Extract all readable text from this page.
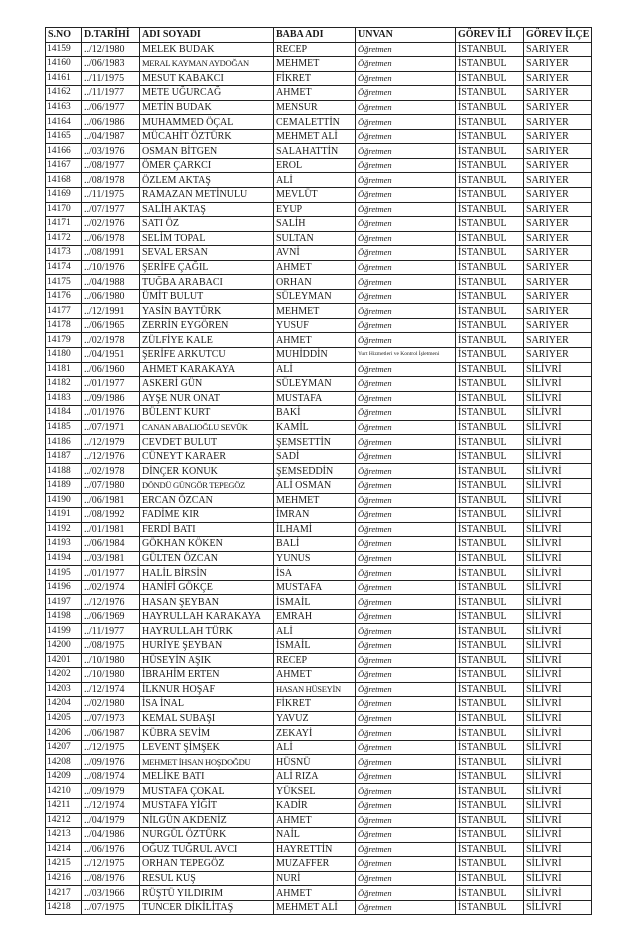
S.NO	D.TARİHİ	ADI SOYADI	BABA ADI	UNVAN	GÖREV İLİ	GÖREV İLÇE
14159	../12/1980	MELEK BUDAK	RECEP	Öğretmen	İSTANBUL	SARIYER
14160	../06/1983	MERAL KAYMAN AYDOĞAN	MEHMET	Öğretmen	İSTANBUL	SARIYER
14161	../11/1975	MESUT KABAKCI	FİKRET	Öğretmen	İSTANBUL	SARIYER
14162	../11/1977	METE UĞURCAĞ	AHMET	Öğretmen	İSTANBUL	SARIYER
14163	../06/1977	METİN BUDAK	MENSUR	Öğretmen	İSTANBUL	SARIYER
14164	../06/1986	MUHAMMED ÖÇAL	CEMALETTİN	Öğretmen	İSTANBUL	SARIYER
14165	../04/1987	MÜCAHİT ÖZTÜRK	MEHMET ALİ	Öğretmen	İSTANBUL	SARIYER
14166	../03/1976	OSMAN BİTGEN	SALAHATTİN	Öğretmen	İSTANBUL	SARIYER
14167	../08/1977	ÖMER ÇARKCI	EROL	Öğretmen	İSTANBUL	SARIYER
14168	../08/1978	ÖZLEM AKTAŞ	ALİ	Öğretmen	İSTANBUL	SARIYER
14169	../11/1975	RAMAZAN METİNULU	MEVLÜT	Öğretmen	İSTANBUL	SARIYER
14170	../07/1977	SALİH AKTAŞ	EYUP	Öğretmen	İSTANBUL	SARIYER
14171	../02/1976	SATI ÖZ	SALİH	Öğretmen	İSTANBUL	SARIYER
14172	../06/1978	SELİM TOPAL	SULTAN	Öğretmen	İSTANBUL	SARIYER
14173	../08/1991	SEVAL ERSAN	AVNİ	Öğretmen	İSTANBUL	SARIYER
14174	../10/1976	ŞERİFE ÇAĞIL	AHMET	Öğretmen	İSTANBUL	SARIYER
14175	../04/1988	TUĞBA ARABACI	ORHAN	Öğretmen	İSTANBUL	SARIYER
14176	../06/1980	ÜMİT BULUT	SÜLEYMAN	Öğretmen	İSTANBUL	SARIYER
14177	../12/1991	YASİN BAYTÜRK	MEHMET	Öğretmen	İSTANBUL	SARIYER
14178	../06/1965	ZERRİN EYGÖREN	YUSUF	Öğretmen	İSTANBUL	SARIYER
14179	../02/1978	ZÜLFİYE KALE	AHMET	Öğretmen	İSTANBUL	SARIYER
14180	../04/1951	ŞERİFE ARKUTCU	MUHİDDİN	Yurt Hizmetleri ve Kontrol İşletmeni	İSTANBUL	SARIYER
14181	../06/1960	AHMET KARAKAYA	ALİ	Öğretmen	İSTANBUL	SİLİVRİ
14182	../01/1977	ASKERİ GÜN	SÜLEYMAN	Öğretmen	İSTANBUL	SİLİVRİ
14183	../09/1986	AYŞE NUR ONAT	MUSTAFA	Öğretmen	İSTANBUL	SİLİVRİ
14184	../01/1976	BÜLENT KURT	BAKİ	Öğretmen	İSTANBUL	SİLİVRİ
14185	../07/1971	CANAN ABALIOĞLU SEVÜK	KAMİL	Öğretmen	İSTANBUL	SİLİVRİ
14186	../12/1979	CEVDET BULUT	ŞEMSETTİN	Öğretmen	İSTANBUL	SİLİVRİ
14187	../12/1976	CÜNEYT KARAER	SADİ	Öğretmen	İSTANBUL	SİLİVRİ
14188	../02/1978	DİNÇER KONUK	ŞEMSEDDİN	Öğretmen	İSTANBUL	SİLİVRİ
14189	../07/1980	DÖNDÜ GÜNGÖR TEPEGÖZ	ALİ OSMAN	Öğretmen	İSTANBUL	SİLİVRİ
14190	../06/1981	ERCAN ÖZCAN	MEHMET	Öğretmen	İSTANBUL	SİLİVRİ
14191	../08/1992	FADİME KIR	İMRAN	Öğretmen	İSTANBUL	SİLİVRİ
14192	../01/1981	FERDİ BATI	İLHAMİ	Öğretmen	İSTANBUL	SİLİVRİ
14193	../06/1984	GÖKHAN KÖKEN	BALİ	Öğretmen	İSTANBUL	SİLİVRİ
14194	../03/1981	GÜLTEN ÖZCAN	YUNUS	Öğretmen	İSTANBUL	SİLİVRİ
14195	../01/1977	HALİL BİRSİN	İSA	Öğretmen	İSTANBUL	SİLİVRİ
14196	../02/1974	HANİFİ GÖKÇE	MUSTAFA	Öğretmen	İSTANBUL	SİLİVRİ
14197	../12/1976	HASAN ŞEYBAN	İSMAİL	Öğretmen	İSTANBUL	SİLİVRİ
14198	../06/1969	HAYRULLAH KARAKAYA	EMRAH	Öğretmen	İSTANBUL	SİLİVRİ
14199	../11/1977	HAYRULLAH TÜRK	ALİ	Öğretmen	İSTANBUL	SİLİVRİ
14200	../08/1975	HURİYE ŞEYBAN	İSMAİL	Öğretmen	İSTANBUL	SİLİVRİ
14201	../10/1980	HÜSEYİN AŞIK	RECEP	Öğretmen	İSTANBUL	SİLİVRİ
14202	../10/1980	İBRAHİM ERTEN	AHMET	Öğretmen	İSTANBUL	SİLİVRİ
14203	../12/1974	İLKNUR HOŞAF	HASAN HÜSEYİN	Öğretmen	İSTANBUL	SİLİVRİ
14204	../02/1980	İSA İNAL	FİKRET	Öğretmen	İSTANBUL	SİLİVRİ
14205	../07/1973	KEMAL SUBAŞI	YAVUZ	Öğretmen	İSTANBUL	SİLİVRİ
14206	../06/1987	KÜBRA SEVİM	ZEKAYİ	Öğretmen	İSTANBUL	SİLİVRİ
14207	../12/1975	LEVENT ŞİMŞEK	ALİ	Öğretmen	İSTANBUL	SİLİVRİ
14208	../09/1976	MEHMET İHSAN HOŞDOĞDU	HÜSNÜ	Öğretmen	İSTANBUL	SİLİVRİ
14209	../08/1974	MELİKE BATI	ALİ RIZA	Öğretmen	İSTANBUL	SİLİVRİ
14210	../09/1979	MUSTAFA ÇOKAL	YÜKSEL	Öğretmen	İSTANBUL	SİLİVRİ
14211	../12/1974	MUSTAFA YİĞİT	KADİR	Öğretmen	İSTANBUL	SİLİVRİ
14212	../04/1979	NİLGÜN AKDENİZ	AHMET	Öğretmen	İSTANBUL	SİLİVRİ
14213	../04/1986	NURGÜL ÖZTÜRK	NAİL	Öğretmen	İSTANBUL	SİLİVRİ
14214	../06/1976	OĞUZ TUĞRUL AVCI	HAYRETTİN	Öğretmen	İSTANBUL	SİLİVRİ
14215	../12/1975	ORHAN TEPEGÖZ	MUZAFFER	Öğretmen	İSTANBUL	SİLİVRİ
14216	../08/1976	RESUL KUŞ	NURİ	Öğretmen	İSTANBUL	SİLİVRİ
14217	../03/1966	RÜŞTÜ YILDIRIM	AHMET	Öğretmen	İSTANBUL	SİLİVRİ
14218	../07/1975	TUNCER DİKİLİTAŞ	MEHMET ALİ	Öğretmen	İSTANBUL	SİLİVRİ
